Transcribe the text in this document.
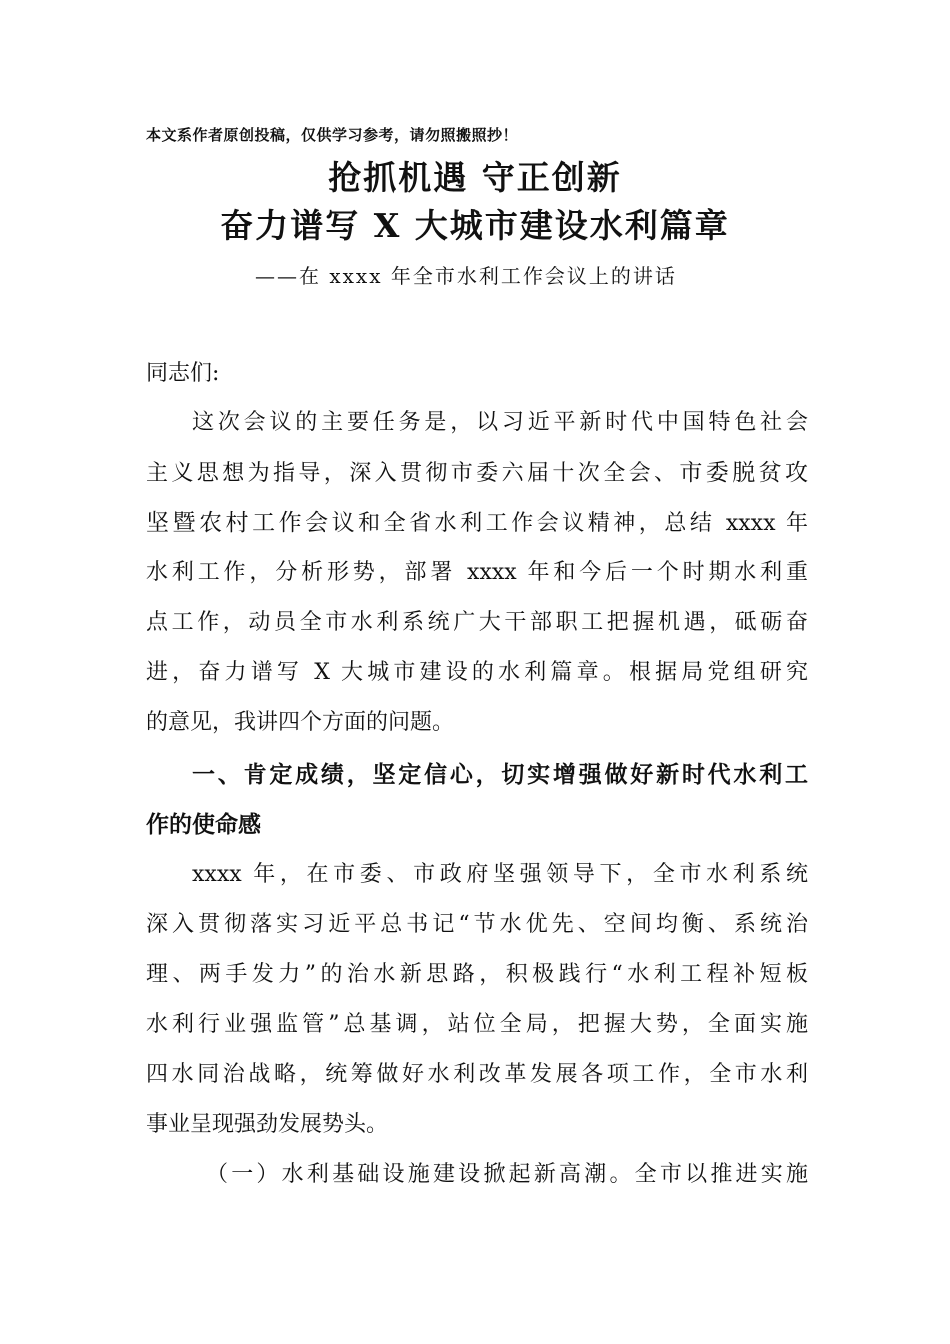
本文系作者原创投稿，仅供学习参考，请勿照搬照抄！
抢抓机遇 守正创新
奋力谱写 X 大城市建设水利篇章
——在 xxxx 年全市水利工作会议上的讲话
同志们:
这次会议的主要任务是，以习近平新时代中国特色社会
主义思想为指导，深入贯彻市委六届十次全会、市委脱贫攻
坚暨农村工作会议和全省水利工作会议精神，总结 xxxx 年
水利工作，分析形势，部署 xxxx 年和今后一个时期水利重
点工作，动员全市水利系统广大干部职工把握机遇，砥砺奋
进，奋力谱写 X 大城市建设的水利篇章。根据局党组研究
的意见，我讲四个方面的问题。
一、肯定成绩，坚定信心，切实增强做好新时代水利工
作的使命感
xxxx 年，在市委、市政府坚强领导下，全市水利系统
深入贯彻落实习近平总书记“节水优先、空间均衡、系统治
理、两手发力”的治水新思路，积极践行“水利工程补短板
水利行业强监管”总基调，站位全局，把握大势，全面实施
四水同治战略，统筹做好水利改革发展各项工作，全市水利
事业呈现强劲发展势头。
（一）水利基础设施建设掀起新高潮。全市以推进实施
